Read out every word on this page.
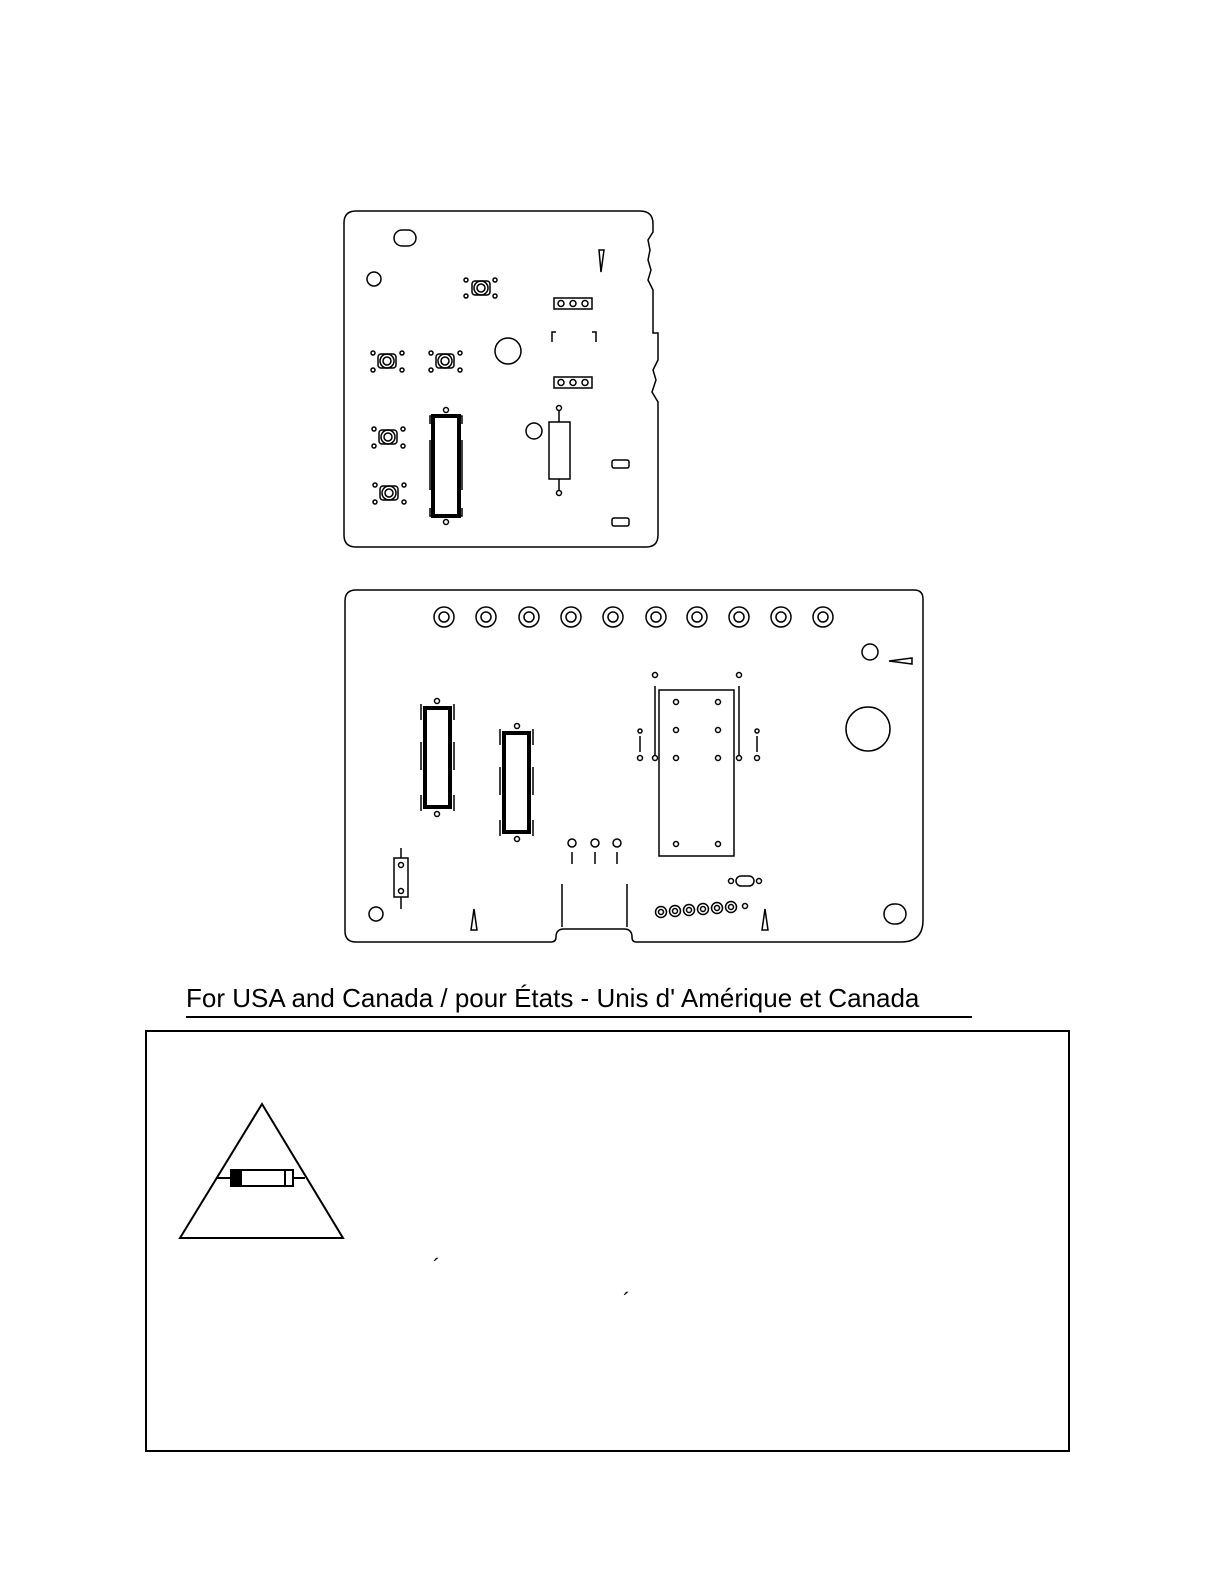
For USA and Canada / pour États - Unis d' Amérique et Canada
´
´
